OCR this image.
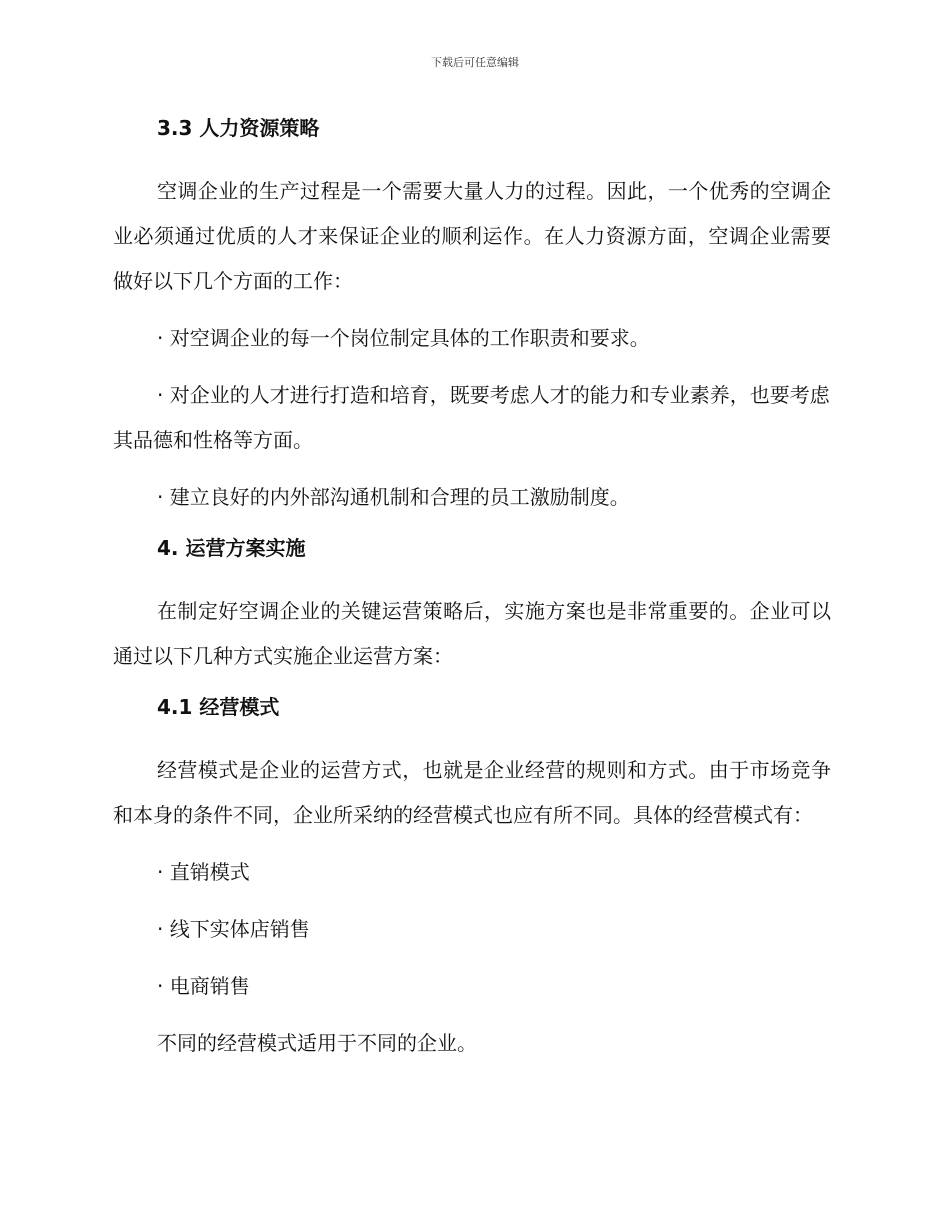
下载后可任意编辑
3.3 人力资源策略

空调企业的生产过程是一个需要大量人力的过程。因此，一个优秀的空调企业必须通过优质的人才来保证企业的顺利运作。在人力资源方面，空调企业需要做好以下几个方面的工作：

· 对空调企业的每一个岗位制定具体的工作职责和要求。

· 对企业的人才进行打造和培育，既要考虑人才的能力和专业素养，也要考虑其品德和性格等方面。

· 建立良好的内外部沟通机制和合理的员工激励制度。

4. 运营方案实施

在制定好空调企业的关键运营策略后，实施方案也是非常重要的。企业可以通过以下几种方式实施企业运营方案：

4.1 经营模式

经营模式是企业的运营方式，也就是企业经营的规则和方式。由于市场竞争和本身的条件不同，企业所采纳的经营模式也应有所不同。具体的经营模式有：

· 直销模式

· 线下实体店销售

· 电商销售

不同的经营模式适用于不同的企业。
